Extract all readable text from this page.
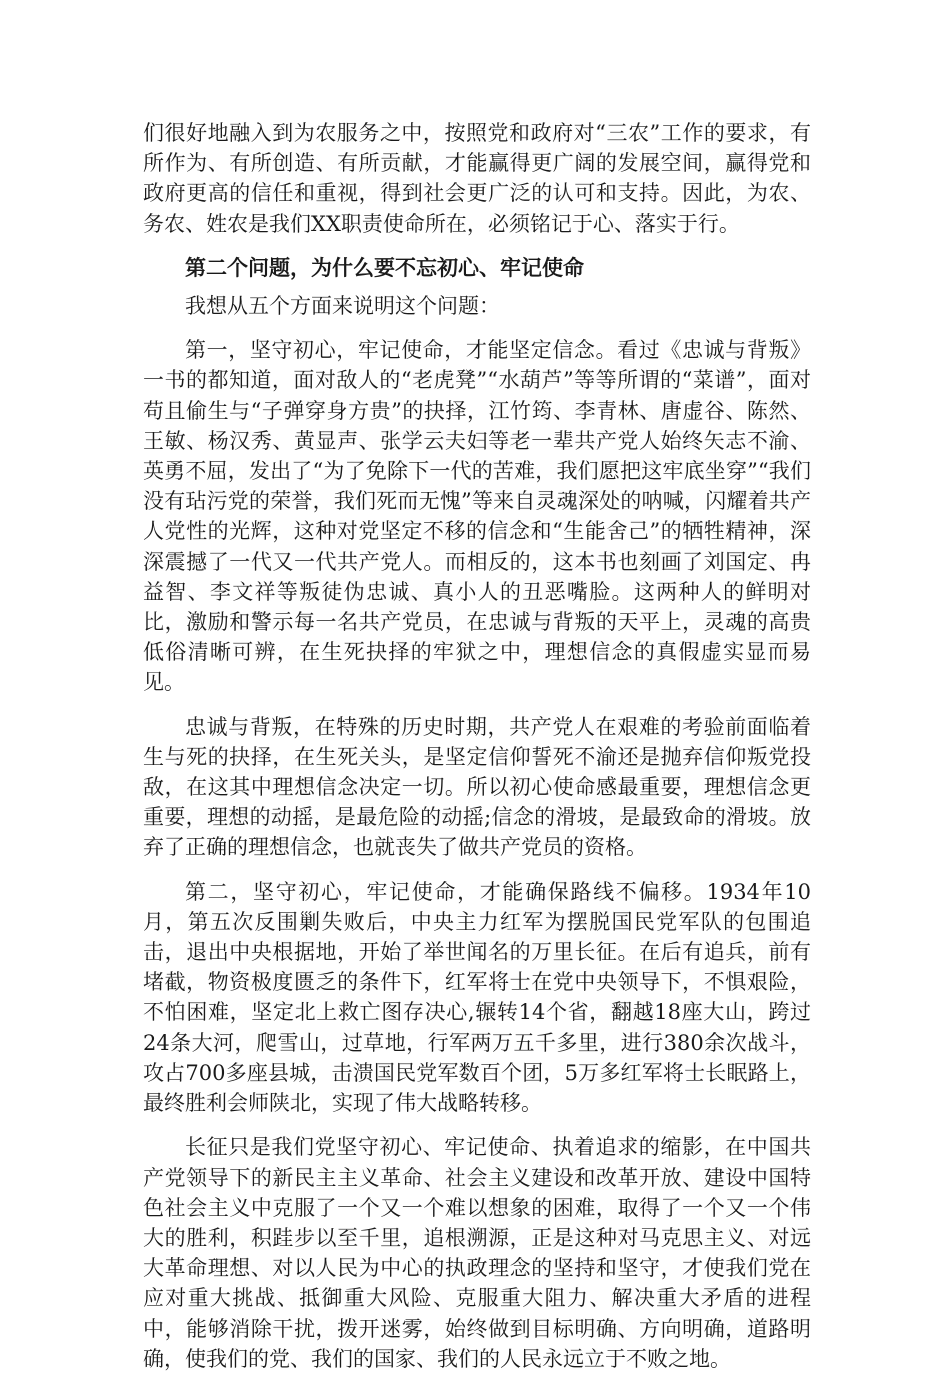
们很好地融入到为农服务之中，按照党和政府对“三农”工作的要求，有所作为、有所创造、有所贡献，才能赢得更广阔的发展空间，赢得党和政府更高的信任和重视，得到社会更广泛的认可和支持。因此，为农、务农、姓农是我们XX职责使命所在，必须铭记于心、落实于行。

第二个问题，为什么要不忘初心、牢记使命

我想从五个方面来说明这个问题：

第一，坚守初心，牢记使命，才能坚定信念。看过《忠诚与背叛》一书的都知道，面对敌人的“老虎凳”“水葫芦”等等所谓的“菜谱”，面对苟且偷生与“子弹穿身方贵”的抉择，江竹筠、李青林、唐虚谷、陈然、王敏、杨汉秀、黄显声、张学云夫妇等老一辈共产党人始终矢志不渝、英勇不屈，发出了“为了免除下一代的苦难，我们愿把这牢底坐穿”“我们没有玷污党的荣誉，我们死而无愧”等来自灵魂深处的呐喊，闪耀着共产人党性的光辉，这种对党坚定不移的信念和“生能舍己”的牺牲精神，深深震撼了一代又一代共产党人。而相反的，这本书也刻画了刘国定、冉益智、李文祥等叛徒伪忠诚、真小人的丑恶嘴脸。这两种人的鲜明对比，激励和警示每一名共产党员，在忠诚与背叛的天平上，灵魂的高贵低俗清晰可辨，在生死抉择的牢狱之中，理想信念的真假虚实显而易见。

忠诚与背叛，在特殊的历史时期，共产党人在艰难的考验前面临着生与死的抉择，在生死关头，是坚定信仰誓死不渝还是抛弃信仰叛党投敌，在这其中理想信念决定一切。所以初心使命感最重要，理想信念更重要，理想的动摇，是最危险的动摇;信念的滑坡，是最致命的滑坡。放弃了正确的理想信念，也就丧失了做共产党员的资格。

第二，坚守初心，牢记使命，才能确保路线不偏移。1934年10月，第五次反围剿失败后，中央主力红军为摆脱国民党军队的包围追击，退出中央根据地，开始了举世闻名的万里长征。在后有追兵，前有堵截，物资极度匮乏的条件下，红军将士在党中央领导下，不惧艰险，不怕困难，坚定北上救亡图存决心,辗转14个省，翻越18座大山，跨过24条大河，爬雪山，过草地，行军两万五千多里，进行380余次战斗，攻占700多座县城，击溃国民党军数百个团，5万多红军将士长眠路上，最终胜利会师陕北，实现了伟大战略转移。

长征只是我们党坚守初心、牢记使命、执着追求的缩影，在中国共产党领导下的新民主主义革命、社会主义建设和改革开放、建设中国特色社会主义中克服了一个又一个难以想象的困难，取得了一个又一个伟大的胜利，积跬步以至千里，追根溯源，正是这种对马克思主义、对远大革命理想、对以人民为中心的执政理念的坚持和坚守，才使我们党在应对重大挑战、抵御重大风险、克服重大阻力、解决重大矛盾的进程中，能够消除干扰，拨开迷雾，始终做到目标明确、方向明确，道路明确，使我们的党、我们的国家、我们的人民永远立于不败之地。
